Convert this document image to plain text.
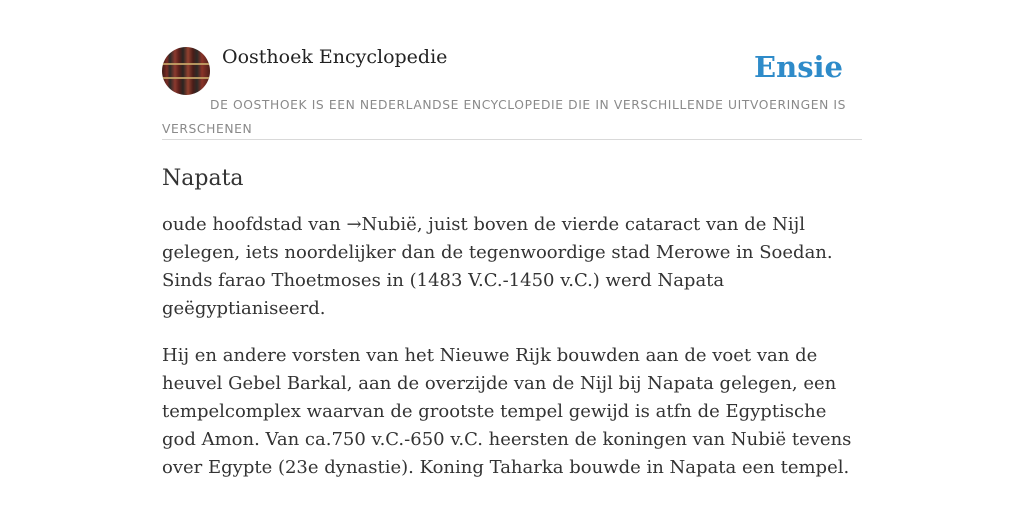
Oosthoek Encyclopedie	Ensie
DE OOSTHOEK IS EEN NEDERLANDSE ENCYCLOPEDIE DIE IN VERSCHILLENDE UITVOERINGEN IS VERSCHENEN
Napata

oude hoofdstad van →Nubië, juist boven de vierde cataract van de Nijl gelegen, iets noordelijker dan de tegenwoordige stad Merowe in Soedan. Sinds farao Thoetmoses in (1483 V.C.-1450 v.C.) werd Napata geëgyptianiseerd.

Hij en andere vorsten van het Nieuwe Rijk bouwden aan de voet van de heuvel Gebel Barkal, aan de overzijde van de Nijl bij Napata gelegen, een tempelcomplex waarvan de grootste tempel gewijd is atfn de Egyptische god Amon. Van ca.750 v.C.-650 v.C. heersten de koningen van Nubië tevens over Egypte (23e dynastie). Koning Taharka bouwde in Napata een tempel.
